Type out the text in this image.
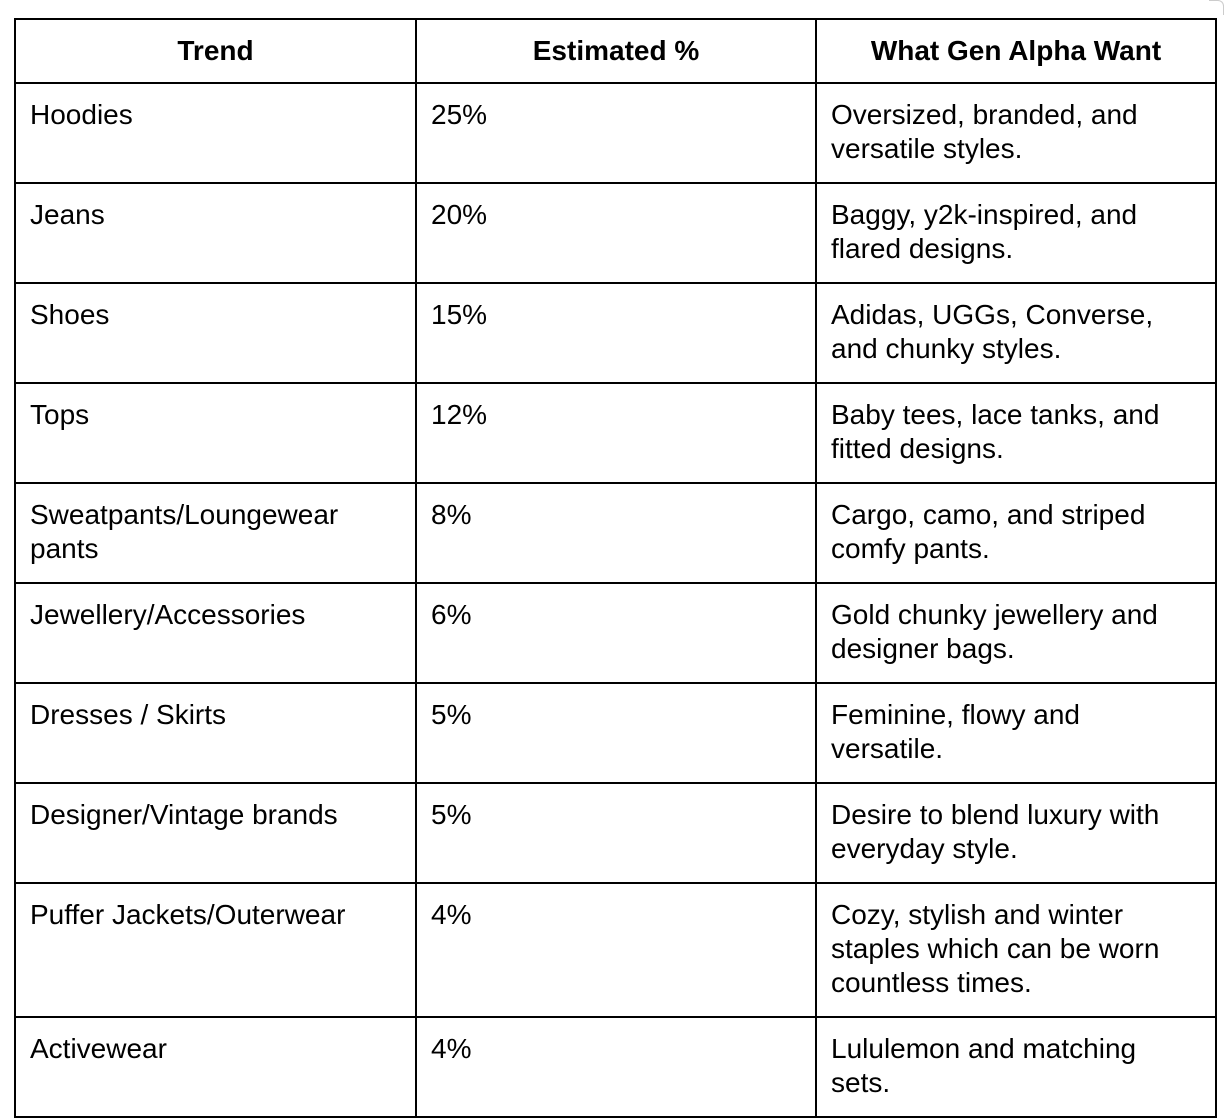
Trend	Estimated %	What Gen Alpha Want
Hoodies	25%	Oversized, branded, and versatile styles.
Jeans	20%	Baggy, y2k-inspired, and flared designs.
Shoes	15%	Adidas, UGGs, Converse, and chunky styles.
Tops	12%	Baby tees, lace tanks, and fitted designs.
Sweatpants/Loungewear pants	8%	Cargo, camo, and striped comfy pants.
Jewellery/Accessories	6%	Gold chunky jewellery and designer bags.
Dresses / Skirts	5%	Feminine, flowy and versatile.
Designer/Vintage brands	5%	Desire to blend luxury with everyday style.
Puffer Jackets/Outerwear	4%	Cozy, stylish and winter staples which can be worn countless times.
Activewear	4%	Lululemon and matching sets.
